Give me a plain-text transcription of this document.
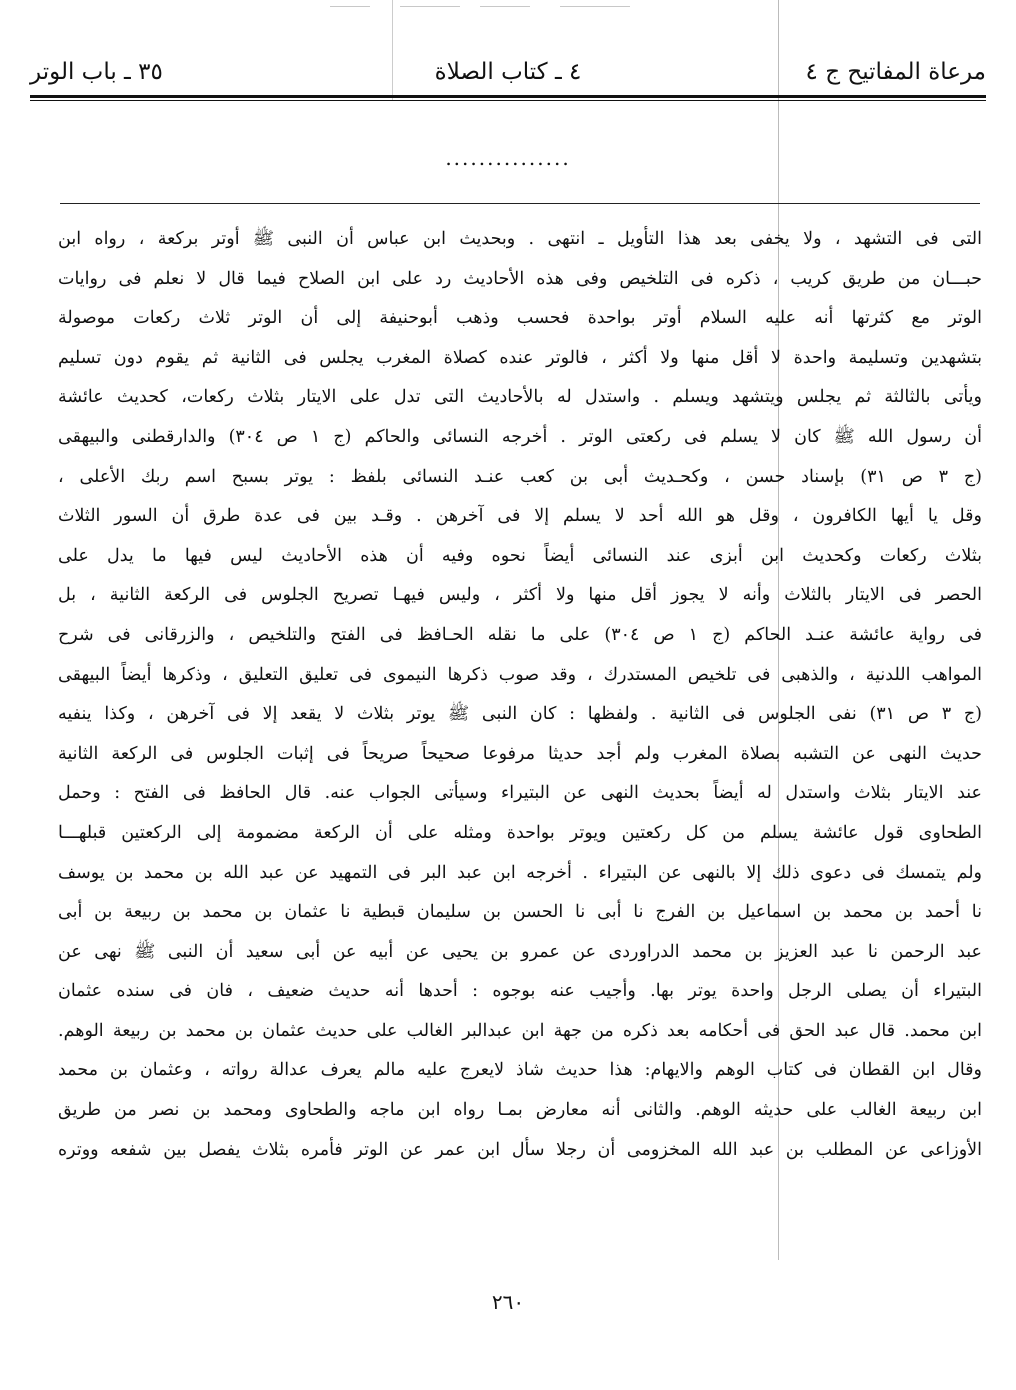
مرعاة المفاتيح ج ٤
٤ ـ كتاب الصلاة
٣٥ ـ باب الوتر
...............
التى فى التشهد ، ولا يخفى بعد هذا التأويل ـ انتهى . وبحديث ابن عباس أن النبى ﷺ أوتر بركعة ، رواه ابن
حبـــان من طريق كريب ، ذكره فى التلخيص وفى هذه الأحاديث رد على ابن الصلاح فيما قال لا نعلم فى روايات
الوتر مع كثرتها أنه عليه السلام أوتر بواحدة فحسب وذهب أبوحنيفة إلى أن الوتر ثلاث ركعات موصولة
بتشهدين وتسليمة واحدة لا أقل منها ولا أكثر ، فالوتر عنده كصلاة المغرب يجلس فى الثانية ثم يقوم دون تسليم
ويأتى بالثالثة ثم يجلس ويتشهد ويسلم . واستدل له بالأحاديث التى تدل على الايتار بثلاث ركعات، كحديث عائشة
أن رسول الله ﷺ كان لا يسلم فى ركعتى الوتر . أخرجه النسائى والحاكم (ج ١ ص ٣٠٤) والدارقطنى والبيهقى
(ج ٣ ص ٣١) بإسناد حسن ، وكحـديث أبى بن كعب عنـد النسائى بلفظ : يوتر بسبح اسم ربك الأعلى ،
وقل يا أيها الكافرون ، وقل هو الله أحد لا يسلم إلا فى آخرهن . وقـد بين فى عدة طرق أن السور الثلاث
بثلاث ركعات وكحديث ابن أبزى عند النسائى أيضاً نحوه وفيه أن هذه الأحاديث ليس فيها ما يدل على
الحصر فى الايتار بالثلاث وأنه لا يجوز أقل منها ولا أكثر ، وليس فيهـا تصريح الجلوس فى الركعة الثانية ، بل
فى رواية عائشة عنـد الحاكم (ج ١ ص ٣٠٤) على ما نقله الحـافظ فى الفتح والتلخيص ، والزرقانى فى شرح
المواهب اللدنية ، والذهبى فى تلخيص المستدرك ، وقد صوب ذكرها النيموى فى تعليق التعليق ، وذكرها أيضاً البيهقى
(ج ٣ ص ٣١) نفى الجلوس فى الثانية . ولفظها : كان النبى ﷺ يوتر بثلاث لا يقعد إلا فى آخرهن ، وكذا ينفيه
حديث النهى عن التشبه بصلاة المغرب ولم أجد حديثا مرفوعا صحيحاً صريحاً فى إثبات الجلوس فى الركعة الثانية
عند الايتار بثلاث واستدل له أيضاً بحديث النهى عن البتيراء وسيأتى الجواب عنه. قال الحافظ فى الفتح : وحمل
الطحاوى قول عائشة يسلم من كل ركعتين ويوتر بواحدة ومثله على أن الركعة مضمومة إلى الركعتين قبلهـــا
ولم يتمسك فى دعوى ذلك إلا بالنهى عن البتيراء . أخرجه ابن عبد البر فى التمهيد عن عبد الله بن محمد بن يوسف
نا أحمد بن محمد بن اسماعيل بن الفرج نا أبى نا الحسن بن سليمان قبطية نا عثمان بن محمد بن ربيعة بن أبى
عبد الرحمن نا عبد العزيز بن محمد الدراوردى عن عمرو بن يحيى عن أبيه عن أبى سعيد أن النبى ﷺ نهى عن
البتيراء أن يصلى الرجل واحدة يوتر بها. وأجيب عنه بوجوه : أحدها أنه حديث ضعيف ، فان فى سنده عثمان
ابن محمد. قال عبد الحق فى أحكامه بعد ذكره من جهة ابن عبدالبر الغالب على حديث عثمان بن محمد بن ربيعة الوهم.
وقال ابن القطان فى كتاب الوهم والايهام: هذا حديث شاذ لايعرج عليه مالم يعرف عدالة رواته ، وعثمان بن محمد
ابن ربيعة الغالب على حديثه الوهم. والثانى أنه معارض بمـا رواه ابن ماجه والطحاوى ومحمد بن نصر من طريق
الأوزاعى عن المطلب بن عبد الله المخزومى أن رجلا سأل ابن عمر عن الوتر فأمره بثلاث يفصل بين شفعه ووتره
٢٦٠
